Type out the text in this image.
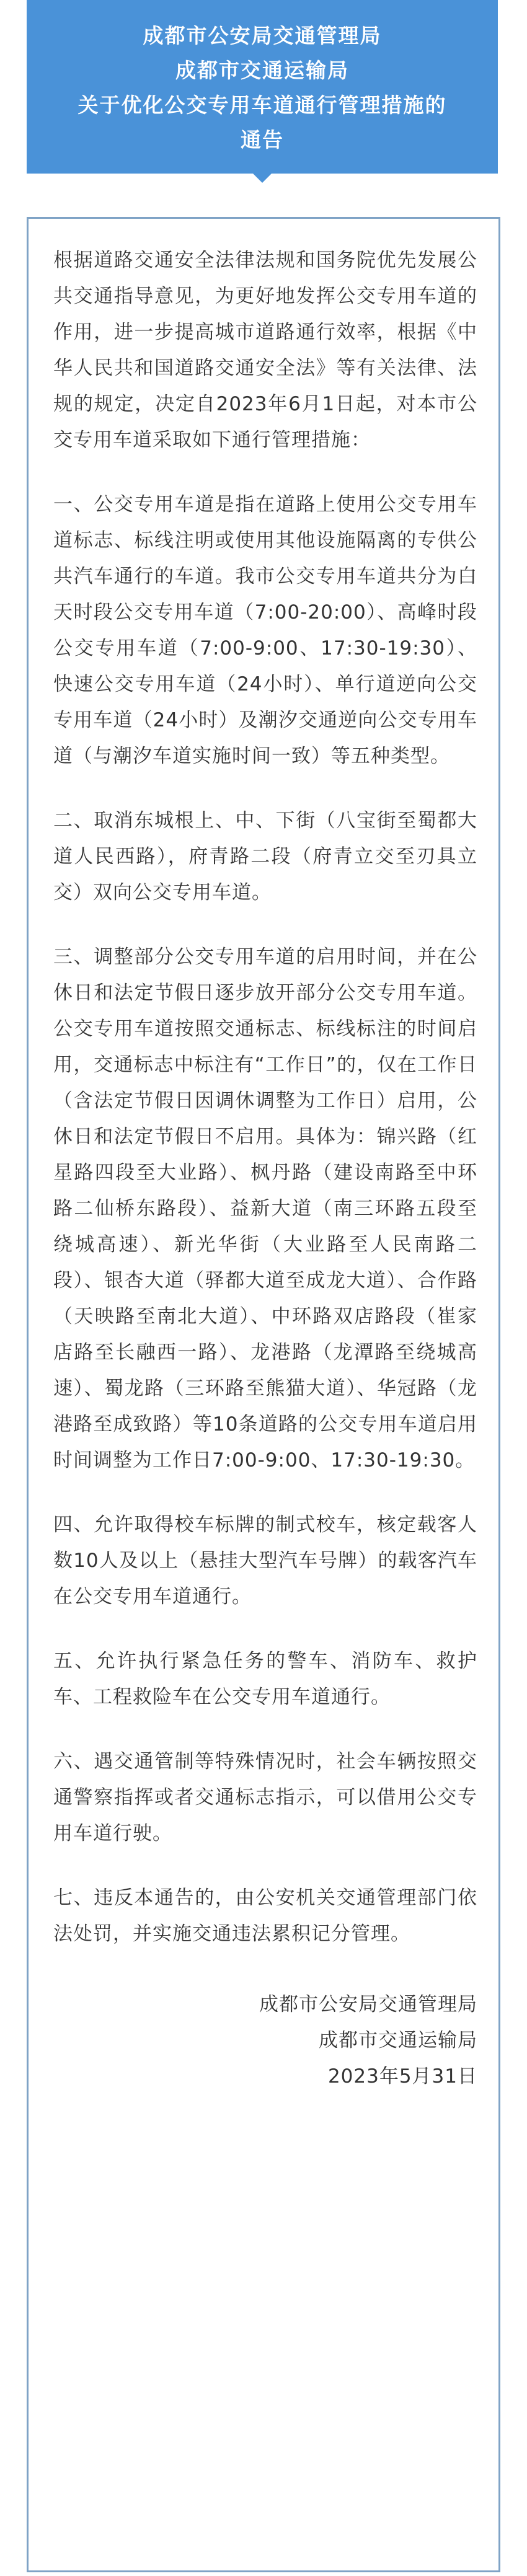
成都市公安局交通管理局
成都市交通运输局
关于优化公交专用车道通行管理措施的
通告

根据道路交通安全法律法规和国务院优先发展公共交通指导意见，为更好地发挥公交专用车道的作用，进一步提高城市道路通行效率，根据《中华人民共和国道路交通安全法》等有关法律、法规的规定，决定自2023年6月1日起，对本市公交专用车道采取如下通行管理措施：

一、公交专用车道是指在道路上使用公交专用车道标志、标线注明或使用其他设施隔离的专供公共汽车通行的车道。我市公交专用车道共分为白天时段公交专用车道（7:00-20:00）、高峰时段公交专用车道（7:00-9:00、17:30-19:30）、快速公交专用车道（24小时）、单行道逆向公交专用车道（24小时）及潮汐交通逆向公交专用车道（与潮汐车道实施时间一致）等五种类型。

二、取消东城根上、中、下街（八宝街至蜀都大道人民西路），府青路二段（府青立交至刃具立交）双向公交专用车道。

三、调整部分公交专用车道的启用时间，并在公休日和法定节假日逐步放开部分公交专用车道。公交专用车道按照交通标志、标线标注的时间启用，交通标志中标注有“工作日”的，仅在工作日（含法定节假日因调休调整为工作日）启用，公休日和法定节假日不启用。具体为：锦兴路（红星路四段至大业路）、枫丹路（建设南路至中环路二仙桥东路段）、益新大道（南三环路五段至绕城高速）、新光华街（大业路至人民南路二段）、银杏大道（驿都大道至成龙大道）、合作路（天映路至南北大道）、中环路双店路段（崔家店路至长融西一路）、龙港路（龙潭路至绕城高速）、蜀龙路（三环路至熊猫大道）、华冠路（龙港路至成致路）等10条道路的公交专用车道启用时间调整为工作日7:00-9:00、17:30-19:30。

四、允许取得校车标牌的制式校车，核定载客人数10人及以上（悬挂大型汽车号牌）的载客汽车在公交专用车道通行。

五、允许执行紧急任务的警车、消防车、救护车、工程救险车在公交专用车道通行。

六、遇交通管制等特殊情况时，社会车辆按照交通警察指挥或者交通标志指示，可以借用公交专用车道行驶。

七、违反本通告的，由公安机关交通管理部门依法处罚，并实施交通违法累积记分管理。

成都市公安局交通管理局
成都市交通运输局
2023年5月31日
